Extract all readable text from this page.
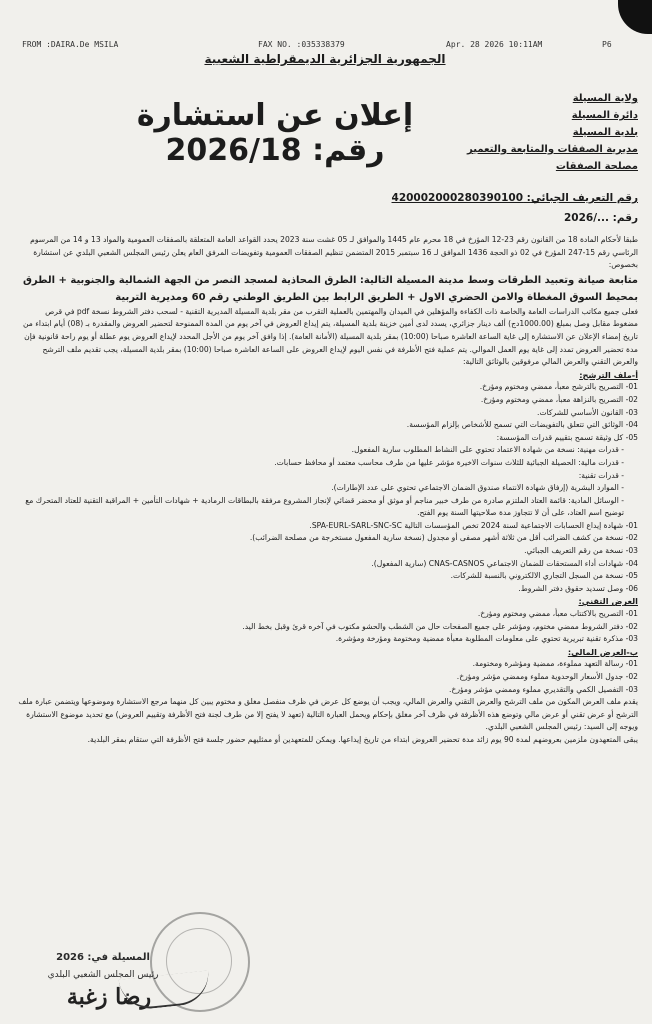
FROM :DAIRA.De MSILA	FAX NO. :035338379	Apr. 28 2026 10:11AM	P6
الجمهورية الجزائرية الديمقراطية الشعبية
إعلان عن استشارة رقم: 2026/18
ولاية المسيلة
دائرة المسيلة
بلدية المسيلة
مديرية الصفقات والمتابعة والتعمير
مصلحة الصفقات
رقم التعريف الجبائي: 420002000280390100
رقم: .../2026

طبقا لأحكام المادة 18 من القانون رقم 23-12 المؤرخ في 18 محرم عام 1445 والموافق لـ 05 غشت سنة 2023 يحدد القواعد العامة المتعلقة بالصفقات العمومية والمواد 13 و 14 من المرسوم الرئاسي رقم 15-247 المؤرخ في 02 ذو الحجة 1436 الموافق لـ 16 سبتمبر 2015 المتضمن تنظيم الصفقات العمومية وتفويضات المرفق العام يعلن رئيس المجلس الشعبي البلدي عن استشارة بخصوص:

متابعة صيانة وتعبيد الطرقات وسط مدينة المسيلة التالية: الطرق المحاذية لمسجد النصر من الجهة الشمالية والجنوبية + الطرق بمحيط السوق المغطاة والامن الحضري الاول + الطريق الرابط بين الطريق الوطني رقم 60 ومديرية التربية

فعلى جميع مكاتب الدراسات العامة والخاصة ذات الكفاءة والمؤهلين في الميدان والمهتمين بالعملية التقرب من مقر بلدية المسيلة المديرية التقنية - لسحب دفتر الشروط نسخة pdf في قرص مضغوط مقابل وصل بمبلغ (1000.00دج) ألف دينار جزائري، يسدد لدى أمين خزينة بلدية المسيلة، يتم إيداع العروض في آخر يوم من المدة الممنوحة لتحضير العروض والمقدرة بـ (08) أيام ابتداء من تاريخ إمضاء الإعلان عن الاستشارة إلى غاية الساعة العاشرة صباحا (10:00) بمقر بلدية المسيلة (الأمانة العامة). إذا وافق آخر يوم من الأجل المحدد لإيداع العروض يوم عطلة أو يوم راحة قانونية فإن مدة تحضير العروض تمدد إلى غاية يوم العمل الموالي. يتم عملية فتح الأظرفة في نفس اليوم لإيداع العروض على الساعة العاشرة صباحا (10:00) بمقر بلدية المسيلة، يجب تقديم ملف الترشح والعرض التقني والعرض المالي مرفوقين بالوثائق التالية:

أ-ملف الترشح:

01- التصريح بالترشح معبأ، ممضي ومختوم ومؤرخ.

02- التصريح بالنزاهة معبأ، ممضي ومختوم ومؤرخ.

03- القانون الأساسي للشركات.

04- الوثائق التي تتعلق بالتفويضات التي تسمح للأشخاص بإلزام المؤسسة.

05- كل وثيقة تسمح بتقييم قدرات المؤسسة:

- قدرات مهنية: نسخة من شهادة الاعتماد تحتوي على النشاط المطلوب سارية المفعول.

- قدرات مالية: الحصيلة الجبائية للثلاث سنوات الاخيرة مؤشر عليها من طرف محاسب معتمد أو محافظ حسابات.

- قدرات تقنية:

- الموارد البشرية (إرفاق شهادة الانتماء صندوق الضمان الاجتماعي تحتوي على عدد الإطارات).

- الوسائل المادية: قائمة العتاد الملتزم صادرة من طرف خبير مناجم أو موثق أو محضر قضائي لإنجاز المشروع مرفقة بالبطاقات الرمادية + شهادات التأمين + المراقبة التقنية للعتاد المتحرك مع توضيح اسم العتاد، على أن لا تتجاوز مدة صلاحيتها السنة يوم الفتح.

01- شهادة إيداع الحسابات الاجتماعية لسنة 2024 تخص المؤسسات التالية SPA-EURL-SARL-SNC-SC.

02- نسخة من كشف الضرائب أقل من ثلاثة أشهر مصفى أو مجدول (نسخة سارية المفعول مستخرجة من مصلحة الضرائب).

03- نسخة من رقم التعريف الجبائي.

04- شهادات أداء المستحقات للضمان الاجتماعي CNAS-CASNOS (سارية المفعول).

05- نسخة من السجل التجاري الالكتروني بالنسبة للشركات.

06- وصل تسديد حقوق دفتر الشروط.

العرض التقني:

01- التصريح بالاكتتاب معبأ، ممضي ومختوم ومؤرخ.

02- دفتر الشروط ممضي مختوم، ومؤشر على جميع الصفحات حال من الشطب والحشو مكتوب في آخره قرئ وقبل بخط اليد.

03- مذكرة تقنية تبريرية تحتوي على معلومات المطلوبة معبأة ممضية ومختومة ومؤرخة ومؤشرة.

ب-العرض المالي:

01- رسالة التعهد مملوءة، ممضية ومؤشرة ومختومة.

02- جدول الأسعار الوحدوية مملوء وممضي مؤشر ومؤرخ.

03- التفصيل الكمي والتقديري مملوء وممضي مؤشر ومؤرخ.

يقدم ملف العرض المكون من ملف الترشح والعرض التقني والعرض المالي، ويجب أن يوضع كل عرض في ظرف منفصل مغلق و مختوم يبين كل منهما مرجع الاستشارة وموضوعها ويتضمن عبارة ملف الترشح أو عرض تقني أو عرض مالي وتوضع هذه الأظرفة في ظرف آخر مغلق بإحكام ويحمل العبارة التالية (تعهد لا يفتح إلا من طرف لجنة فتح الأظرفة وتقييم العروض) مع تحديد موضوع الاستشارة ويوجه إلى السيد: رئيس المجلس الشعبي البلدي.

يبقى المتعهدون ملزمين بعروضهم لمدة 90 يوم زائد مدة تحضير العروض ابتداء من تاريخ إيداعها. ويمكن للمتعهدين أو ممثليهم حضور جلسة فتح الأظرفة التي ستقام بمقر البلدية.

المسيلة في: 2026
رئيس المجلس الشعبي البلدي
رضا زغبة
